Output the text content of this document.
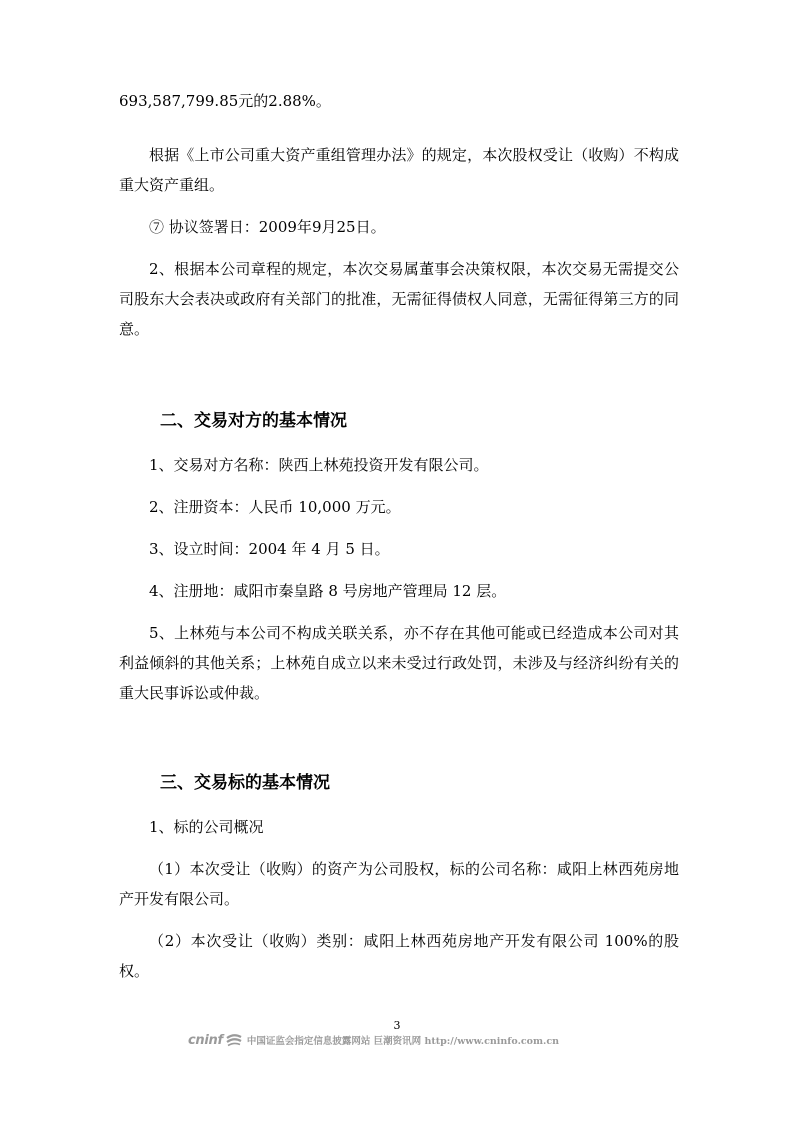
693,587,799.85元的2.88%。

根据《上市公司重大资产重组管理办法》的规定，本次股权受让（收购）不构成重大资产重组。

⑦ 协议签署日：2009年9月25日。

2、根据本公司章程的规定，本次交易属董事会决策权限，本次交易无需提交公司股东大会表决或政府有关部门的批准，无需征得债权人同意，无需征得第三方的同意。

二、交易对方的基本情况

1、交易对方名称：陕西上林苑投资开发有限公司。

2、注册资本：人民币 10,000 万元。

3、设立时间：2004 年 4 月 5 日。

4、注册地：咸阳市秦皇路 8 号房地产管理局 12 层。

5、上林苑与本公司不构成关联关系，亦不存在其他可能或已经造成本公司对其利益倾斜的其他关系；上林苑自成立以来未受过行政处罚，未涉及与经济纠纷有关的重大民事诉讼或仲裁。

三、交易标的基本情况

1、标的公司概况

（1）本次受让（收购）的资产为公司股权，标的公司名称：咸阳上林西苑房地产开发有限公司。

（2）本次受让（收购）类别：咸阳上林西苑房地产开发有限公司 100%的股权。

3
cninf	中国证监会指定信息披露网站 巨潮资讯网 http://www.cninfo.com.cn
